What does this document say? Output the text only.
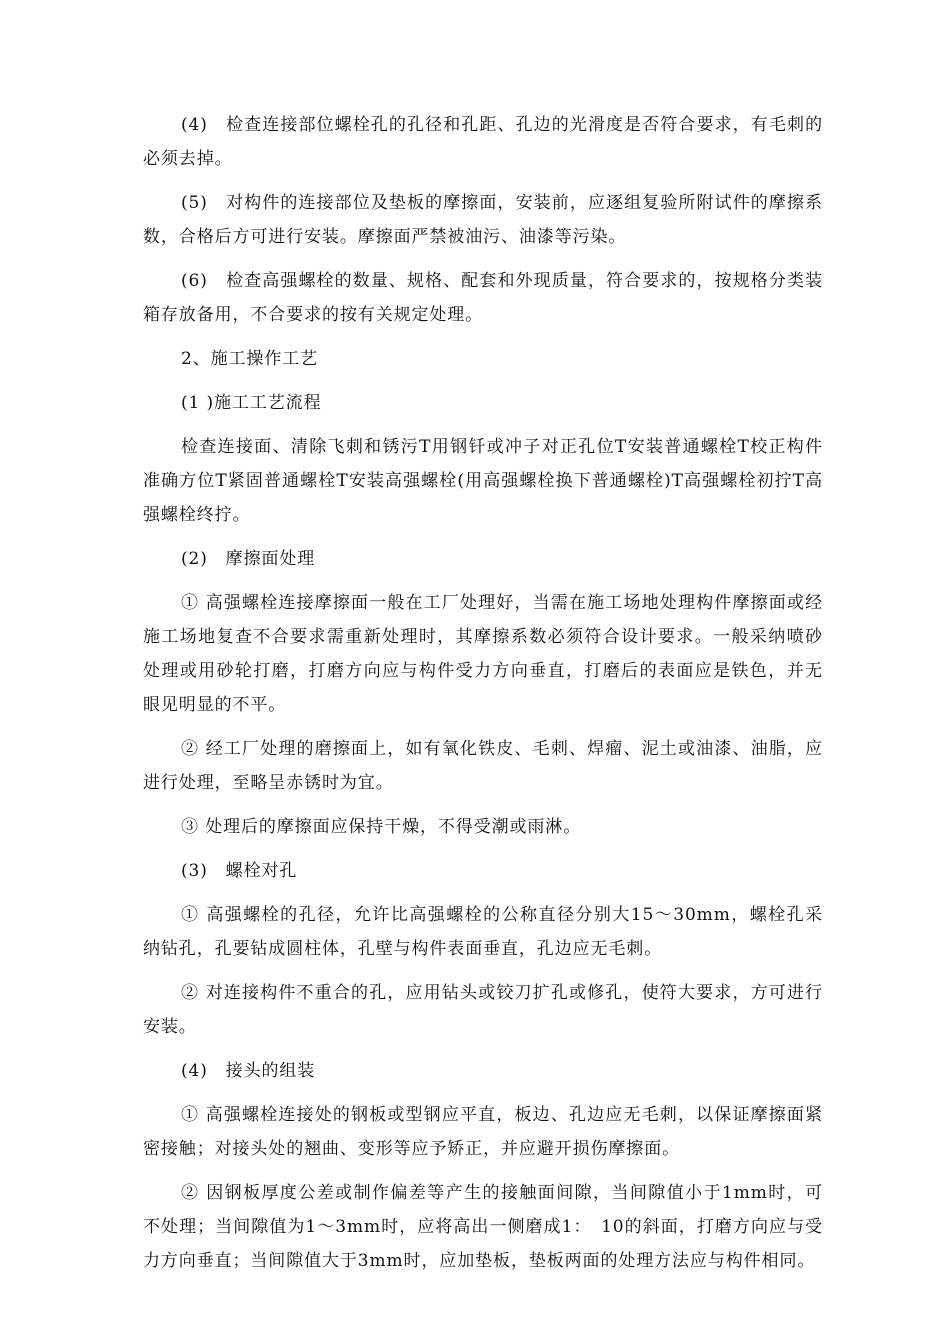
(4)　检查连接部位螺栓孔的孔径和孔距、孔边的光滑度是否符合要求，有毛刺的必须去掉。

(5)　对构件的连接部位及垫板的摩擦面，安装前，应逐组复验所附试件的摩擦系数，合格后方可进行安装。摩擦面严禁被油污、油漆等污染。

(6)　检查高强螺栓的数量、规格、配套和外现质量，符合要求的，按规格分类装箱存放备用，不合要求的按有关规定处理。

2、施工操作工艺

(1 )施工工艺流程

检查连接面、清除飞刺和锈污T用钢钎或冲子对正孔位T安装普通螺栓T校正构件准确方位T紧固普通螺栓T安装高强螺栓(用高强螺栓换下普通螺栓)T高强螺栓初拧T高强螺栓终拧。

(2)　摩擦面处理

① 高强螺栓连接摩擦面一般在工厂处理好，当需在施工场地处理构件摩擦面或经施工场地复查不合要求需重新处理时，其摩擦系数必须符合设计要求。一般采纳喷砂处理或用砂轮打磨，打磨方向应与构件受力方向垂直，打磨后的表面应是铁色，并无眼见明显的不平。

② 经工厂处理的磨擦面上，如有氧化铁皮、毛刺、焊瘤、泥土或油漆、油脂，应进行处理，至略呈赤锈时为宜。

③ 处理后的摩擦面应保持干燥，不得受潮或雨淋。

(3)　螺栓对孔

① 高强螺栓的孔径，允许比高强螺栓的公称直径分别大15〜30mm，螺栓孔采纳钻孔，孔要钻成圆柱体，孔壁与构件表面垂直，孔边应无毛刺。

② 对连接构件不重合的孔，应用钻头或铰刀扩孔或修孔，使符大要求，方可进行安装。

(4)　接头的组装

① 高强螺栓连接处的钢板或型钢应平直，板边、孔边应无毛刺，以保证摩擦面紧密接触；对接头处的翘曲、变形等应予矫正，并应避开损伤摩擦面。

② 因钢板厚度公差或制作偏差等产生的接触面间隙，当间隙值小于1mm时，可不处理；当间隙值为1〜3mm时，应将高出一侧磨成1：　10的斜面，打磨方向应与受力方向垂直；当间隙值大于3mm时，应加垫板，垫板两面的处理方法应与构件相同。
